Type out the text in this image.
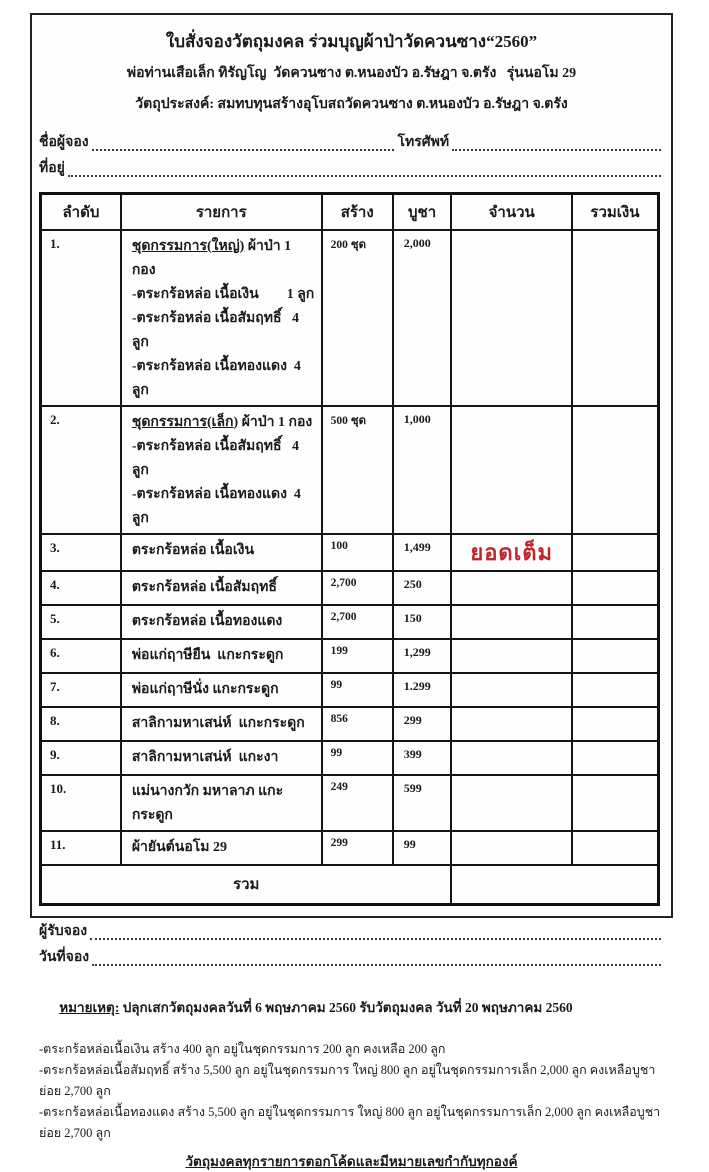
ใบสั่งจองวัตถุมงคล ร่วมบุญผ้าป่าวัดควนซาง“2560”
พ่อท่านเสือเล็ก ทิรัญโญ  วัดควนซาง ต.หนองบัว อ.รัษฎา จ.ตรัง   รุ่นนอโม 29
วัตถุประสงค์: สมทบทุนสร้างอุโบสถวัดควนซาง ต.หนองบัว อ.รัษฎา จ.ตรัง
ชื่อผู้จอง	โทรศัพท์
ที่อยู่
ลำดับ	รายการ	สร้าง	บูชา	จำนวน	รวมเงิน
1.	ชุดกรรมการ(ใหญ่) ผ้าป่า 1 กอง
-ตระกร้อหล่อ เนื้อเงิน        1 ลูก
-ตระกร้อหล่อ เนื้อสัมฤทธิ์   4 ลูก
-ตระกร้อหล่อ เนื้อทองแดง  4 ลูก	200 ชุด	2,000		
2.	ชุดกรรมการ(เล็ก) ผ้าป่า 1 กอง
-ตระกร้อหล่อ เนื้อสัมฤทธิ์   4 ลูก
-ตระกร้อหล่อ เนื้อทองแดง  4 ลูก	500 ชุด	1,000		
3.	ตระกร้อหล่อ เนื้อเงิน	100	1,499	ยอดเต็ม	
4.	ตระกร้อหล่อ เนื้อสัมฤทธิ์	2,700	250		
5.	ตระกร้อหล่อ เนื้อทองแดง	2,700	150		
6.	พ่อแก่ฤาษียืน  แกะกระดูก	199	1,299		
7.	พ่อแก่ฤาษีนั่ง แกะกระดูก	99	1.299		
8.	สาลิกามหาเสน่ห์  แกะกระดูก	856	299		
9.	สาลิกามหาเสน่ห์  แกะงา	99	399		
10.	แม่นางกวัก มหาลาภ แกะกระดูก	249	599		
11.	ผ้ายันต์นอโม 29	299	99		
รวม					
ผู้รับจอง
วันที่จอง

หมายเหตุ: ปลุกเสกวัตถุมงคลวันที่ 6 พฤษภาคม 2560 รับวัตถุมงคล วันที่ 20 พฤษภาคม 2560

-ตระกร้อหล่อเนื้อเงิน สร้าง 400 ลูก อยู่ในชุดกรรมการ 200 ลูก คงเหลือ 200 ลูก
-ตระกร้อหล่อเนื้อสัมฤทธิ์ สร้าง 5,500 ลูก อยู่ในชุดกรรมการ ใหญ่ 800 ลูก อยู่ในชุดกรรมการเล็ก 2,000 ลูก คงเหลือบูชาย่อย 2,700 ลูก
-ตระกร้อหล่อเนื้อทองแดง สร้าง 5,500 ลูก อยู่ในชุดกรรมการ ใหญ่ 800 ลูก อยู่ในชุดกรรมการเล็ก 2,000 ลูก คงเหลือบูชาย่อย 2,700 ลูก
วัตถุมงคลทุกรายการตอกโค้ดและมีหมายเลขกำกับทุกองค์
